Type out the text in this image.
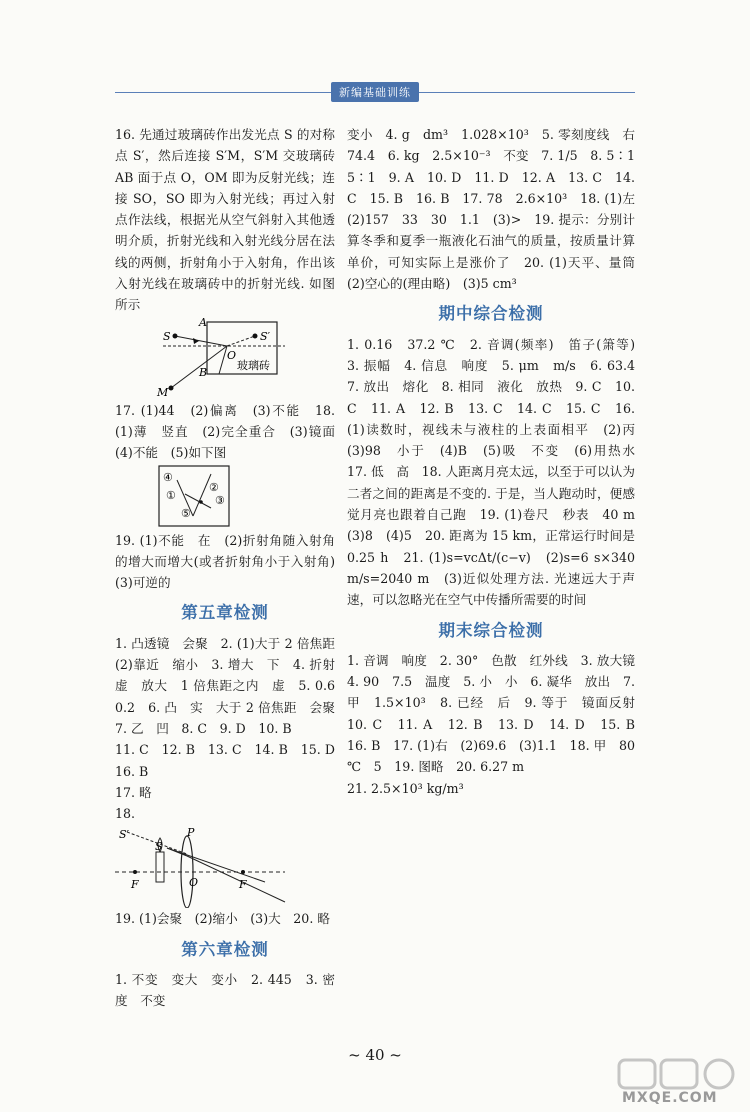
新编基础训练

16. 先通过玻璃砖作出发光点 S 的对称点 S′，然后连接 S′M，S′M 交玻璃砖 AB 面于点 O，OM 即为反射光线；连接 SO，SO 即为入射光线；再过入射点作法线，根据光从空气斜射入其他透明介质，折射光线和入射光线分居在法线的两侧，折射角小于入射角，作出该入射光线在玻璃砖中的折射光线. 如图所示

A
B
S	S′
O
M
玻璃砖

17. (1)44　(2)偏离　(3)不能　18. (1)薄　竖直　(2)完全重合　(3)镜面　(4)不能　(5)如下图

④
②
①	③
⑤

19. (1)不能　在　(2)折射角随入射角的增大而增大(或者折射角小于入射角)　(3)可逆的

第五章检测

1. 凸透镜　会聚　2. (1)大于 2 倍焦距　(2)靠近　缩小　3. 增大　下　4. 折射　虚　放大　1 倍焦距之内　虚　5. 0.6　0.2　6. 凸　实　大于 2 倍焦距　会聚　7. 乙　凹　8. C　9. D　10. B

11. C　12. B　13. C　14. B　15. D　16. B

17. 略

18.

S′
S
P
O
F	F

19. (1)会聚　(2)缩小　(3)大　20. 略

第六章检测

1. 不变　变大　变小　2. 445　3. 密度　不变

变小　4. g　dm³　1.028×10³　5. 零刻度线　右　74.4　6. kg　2.5×10⁻³　不变　7. 1/5　8. 5∶1　5∶1　9. A　10. D　11. D　12. A　13. C　14. C　15. B　16. B　17. 78　2.6×10³　18. (1)左　(2)157　33　30　1.1　(3)>　19. 提示：分别计算冬季和夏季一瓶液化石油气的质量，按质量计算单价，可知实际上是涨价了　20. (1)天平、量筒　(2)空心的(理由略)　(3)5 cm³

期中综合检测

1. 0.16　37.2 ℃　2. 音调(频率)　笛子(箫等)　3. 振幅　4. 信息　响度　5. μm　m/s　6. 63.4　7. 放出　熔化　8. 相同　液化　放热　9. C　10. C　11. A　12. B　13. C　14. C　15. C　16. (1)读数时，视线未与液柱的上表面相平　(2)丙　(3)98　小于　(4)B　(5)吸　不变　(6)用热水　17. 低　高　18. 人距离月亮太远，以至于可以认为二者之间的距离是不变的. 于是，当人跑动时，便感觉月亮也跟着自己跑　19. (1)卷尺　秒表　40 m　(3)8　(4)5　20. 距离为 15 km，正常运行时间是 0.25 h　21. (1)s=vcΔt/(c−v)　(2)s=6 s×340 m/s=2040 m　(3)近似处理方法. 光速远大于声速，可以忽略光在空气中传播所需要的时间

期末综合检测

1. 音调　响度　2. 30°　色散　红外线　3. 放大镜　4. 90　7.5　温度　5. 小　小　6. 凝华　放出　7. 甲　1.5×10³　8. 已经　后　9. 等于　镜面反射　10. C　11. A　12. B　13. D　14. D　15. B　16. B　17. (1)右　(2)69.6　(3)1.1　18. 甲　80 ℃　5　19. 图略　20. 6.27 m

21. 2.5×10³ kg/m³

~ 40 ~
MXQE.COM
